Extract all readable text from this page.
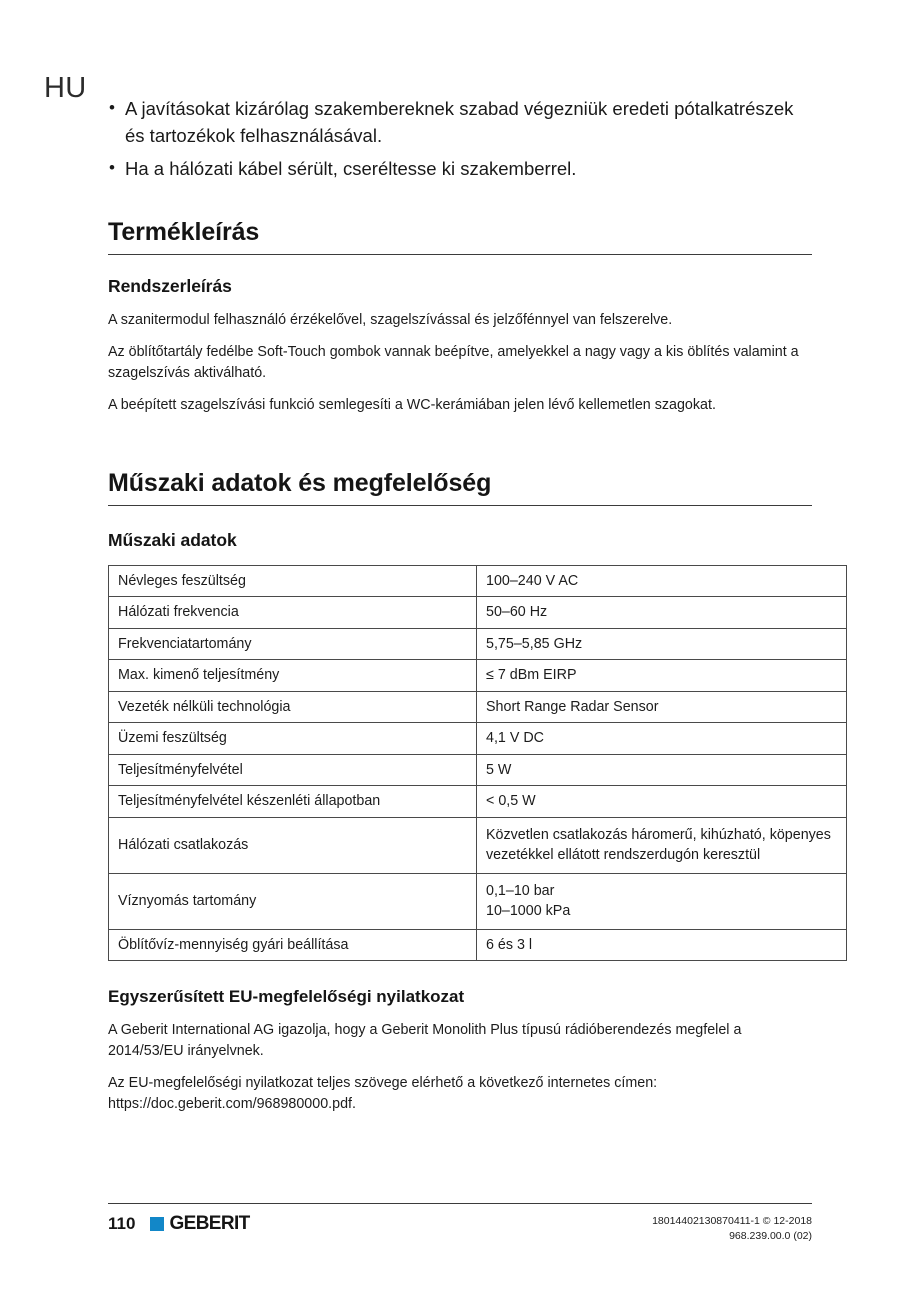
HU
• A javításokat kizárólag szakembereknek szabad végezniük eredeti pótalkatrészek és tartozékok felhasználásával.
• Ha a hálózati kábel sérült, cseréltesse ki szakemberrel.
Termékleírás
Rendszerleírás

A szanitermodul felhasználó érzékelővel, szagelszívással és jelzőfénnyel van felszerelve.

Az öblítőtartály fedélbe Soft-Touch gombok vannak beépítve, amelyekkel a nagy vagy a kis öblítés valamint a szagelszívás aktiválható.

A beépített szagelszívási funkció semlegesíti a WC-kerámiában jelen lévő kellemetlen szagokat.

Műszaki adatok és megfelelőség
Műszaki adatok
Névleges feszültség	100–240 V AC
Hálózati frekvencia	50–60 Hz
Frekvenciatartomány	5,75–5,85 GHz
Max. kimenő teljesítmény	≤ 7 dBm EIRP
Vezeték nélküli technológia	Short Range Radar Sensor
Üzemi feszültség	4,1 V DC
Teljesítményfelvétel	5 W
Teljesítményfelvétel készenléti állapotban	< 0,5 W
Hálózati csatlakozás	Közvetlen csatlakozás háromerű, kihúzható, köpenyes vezetékkel ellátott rendszerdugón keresztül
Víznyomás tartomány	0,1–10 bar
10–1000 kPa

Öblítővíz-mennyiség gyári beállítása	6 és 3 l
Egyszerűsített EU-megfelelőségi nyilatkozat

A Geberit International AG igazolja, hogy a Geberit Monolith Plus típusú rádióberendezés megfelel a 2014/53/EU irányelvnek.

Az EU-megfelelőségi nyilatkozat teljes szövege elérhető a következő internetes címen: https://doc.geberit.com/968980000.pdf.

110 GEBERIT	18014402130870411-1 © 12-2018
968.239.00.0 (02)
